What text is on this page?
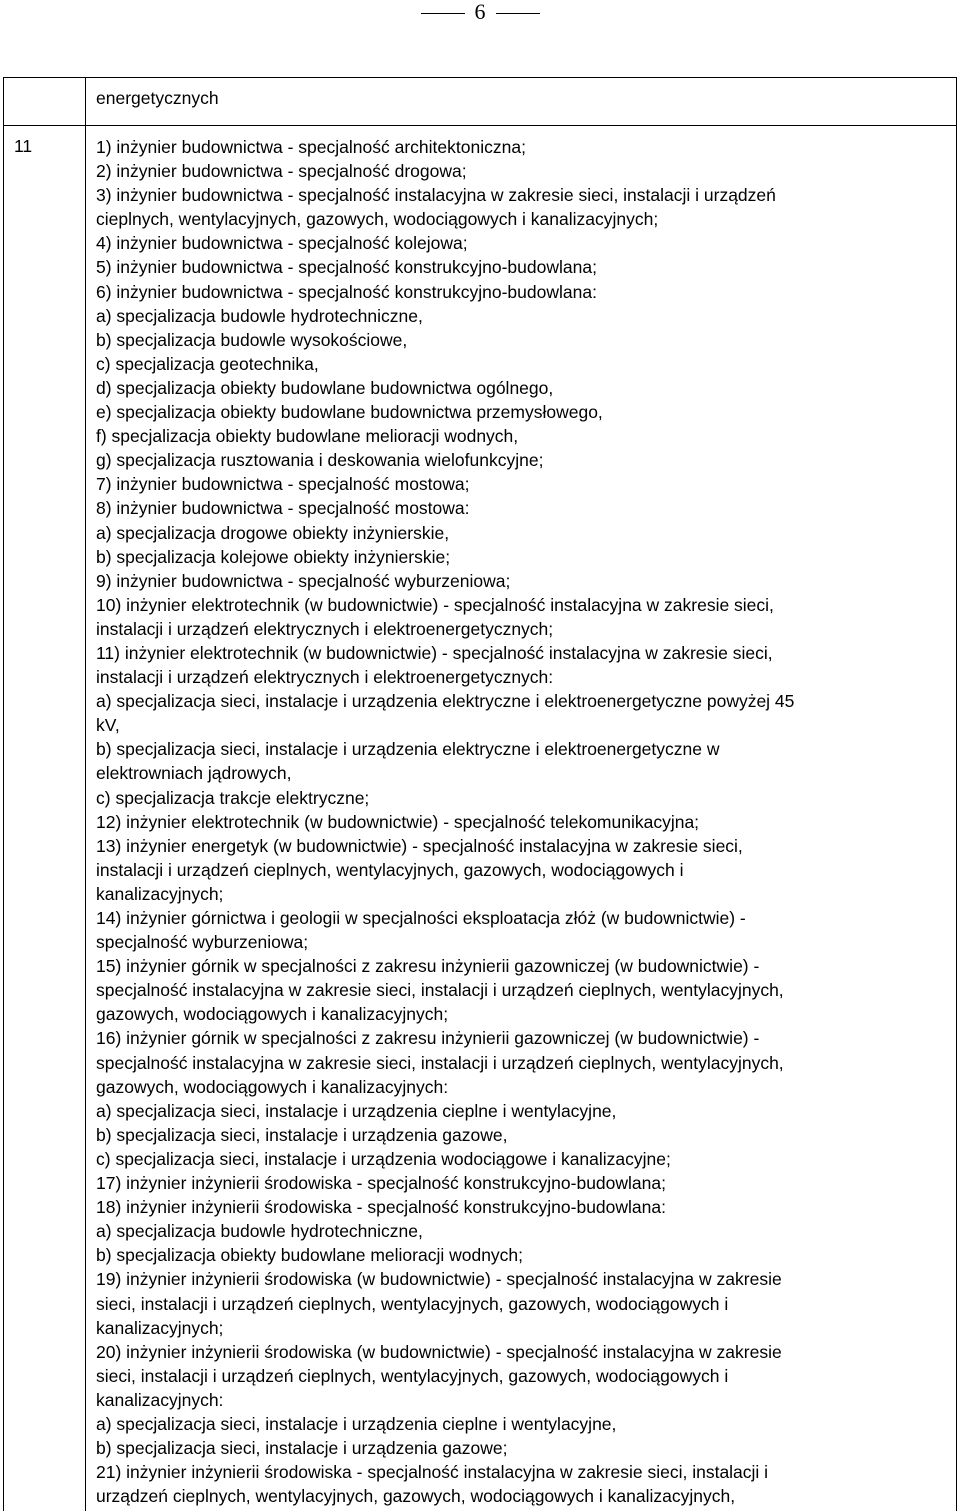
6
energetycznych
11	1) inżynier budownictwa - specjalność architektoniczna;
2) inżynier budownictwa - specjalność drogowa;
3) inżynier budownictwa - specjalność instalacyjna w zakresie sieci, instalacji i urządzeń
cieplnych, wentylacyjnych, gazowych, wodociągowych i kanalizacyjnych;
4) inżynier budownictwa - specjalność kolejowa;
5) inżynier budownictwa - specjalność konstrukcyjno-budowlana;
6) inżynier budownictwa - specjalność konstrukcyjno-budowlana:
a) specjalizacja budowle hydrotechniczne,
b) specjalizacja budowle wysokościowe,
c) specjalizacja geotechnika,
d) specjalizacja obiekty budowlane budownictwa ogólnego,
e) specjalizacja obiekty budowlane budownictwa przemysłowego,
f) specjalizacja obiekty budowlane melioracji wodnych,
g) specjalizacja rusztowania i deskowania wielofunkcyjne;
7) inżynier budownictwa - specjalność mostowa;
8) inżynier budownictwa - specjalność mostowa:
a) specjalizacja drogowe obiekty inżynierskie,
b) specjalizacja kolejowe obiekty inżynierskie;
9) inżynier budownictwa - specjalność wyburzeniowa;
10) inżynier elektrotechnik (w budownictwie) - specjalność instalacyjna w zakresie sieci,
instalacji i urządzeń elektrycznych i elektroenergetycznych;
11) inżynier elektrotechnik (w budownictwie) - specjalność instalacyjna w zakresie sieci,
instalacji i urządzeń elektrycznych i elektroenergetycznych:
a) specjalizacja sieci, instalacje i urządzenia elektryczne i elektroenergetyczne powyżej 45
kV,
b) specjalizacja sieci, instalacje i urządzenia elektryczne i elektroenergetyczne w
elektrowniach jądrowych,
c) specjalizacja trakcje elektryczne;
12) inżynier elektrotechnik (w budownictwie) - specjalność telekomunikacyjna;
13) inżynier energetyk (w budownictwie) - specjalność instalacyjna w zakresie sieci,
instalacji i urządzeń cieplnych, wentylacyjnych, gazowych, wodociągowych i
kanalizacyjnych;
14) inżynier górnictwa i geologii w specjalności eksploatacja złóż (w budownictwie) -
specjalność wyburzeniowa;
15) inżynier górnik w specjalności z zakresu inżynierii gazowniczej (w budownictwie) -
specjalność instalacyjna w zakresie sieci, instalacji i urządzeń cieplnych, wentylacyjnych,
gazowych, wodociągowych i kanalizacyjnych;
16) inżynier górnik w specjalności z zakresu inżynierii gazowniczej (w budownictwie) -
specjalność instalacyjna w zakresie sieci, instalacji i urządzeń cieplnych, wentylacyjnych,
gazowych, wodociągowych i kanalizacyjnych:
a) specjalizacja sieci, instalacje i urządzenia cieplne i wentylacyjne,
b) specjalizacja sieci, instalacje i urządzenia gazowe,
c) specjalizacja sieci, instalacje i urządzenia wodociągowe i kanalizacyjne;
17) inżynier inżynierii środowiska - specjalność konstrukcyjno-budowlana;
18) inżynier inżynierii środowiska - specjalność konstrukcyjno-budowlana:
a) specjalizacja budowle hydrotechniczne,
b) specjalizacja obiekty budowlane melioracji wodnych;
19) inżynier inżynierii środowiska (w budownictwie) - specjalność instalacyjna w zakresie
sieci, instalacji i urządzeń cieplnych, wentylacyjnych, gazowych, wodociągowych i
kanalizacyjnych;
20) inżynier inżynierii środowiska (w budownictwie) - specjalność instalacyjna w zakresie
sieci, instalacji i urządzeń cieplnych, wentylacyjnych, gazowych, wodociągowych i
kanalizacyjnych:
a) specjalizacja sieci, instalacje i urządzenia cieplne i wentylacyjne,
b) specjalizacja sieci, instalacje i urządzenia gazowe;
21) inżynier inżynierii środowiska - specjalność instalacyjna w zakresie sieci, instalacji i
urządzeń cieplnych, wentylacyjnych, gazowych, wodociągowych i kanalizacyjnych,
